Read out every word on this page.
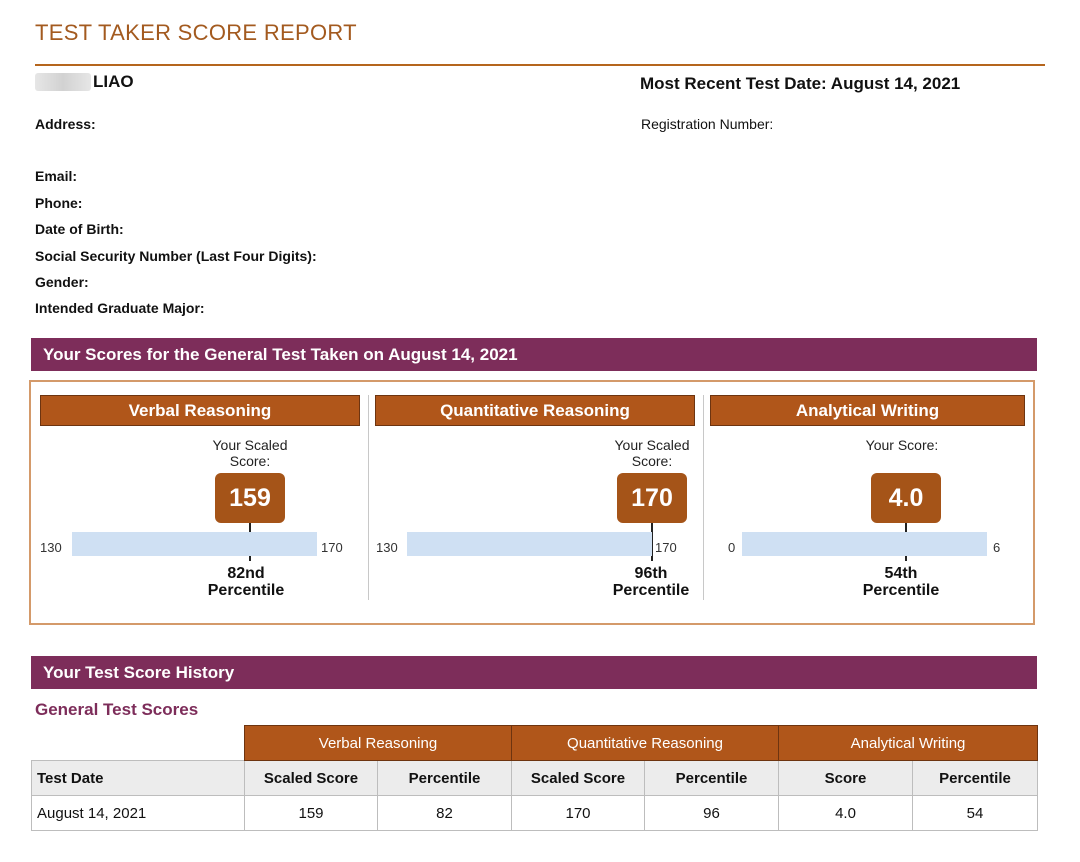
TEST TAKER SCORE REPORT
LIAO	Most Recent Test Date: August 14, 2021
Registration Number:
Address:
Email:
Phone:
Date of Birth:
Social Security Number (Last Four Digits):
Gender:
Intended Graduate Major:
Your Scores for the General Test Taken on August 14, 2021
Verbal Reasoning
Your Scaled Score:
159
130	170
82nd
Percentile
Quantitative Reasoning
Your Scaled Score:
170
130	170
96th
Percentile
Analytical Writing
Your Score:
4.0
0	6
54th
Percentile
Your Test Score History
General Test Scores
	Verbal Reasoning		Quantitative Reasoning		Analytical Writing	
Test Date	Scaled Score	Percentile	Scaled Score	Percentile	Score	Percentile
August 14, 2021	159	82	170	96	4.0	54
